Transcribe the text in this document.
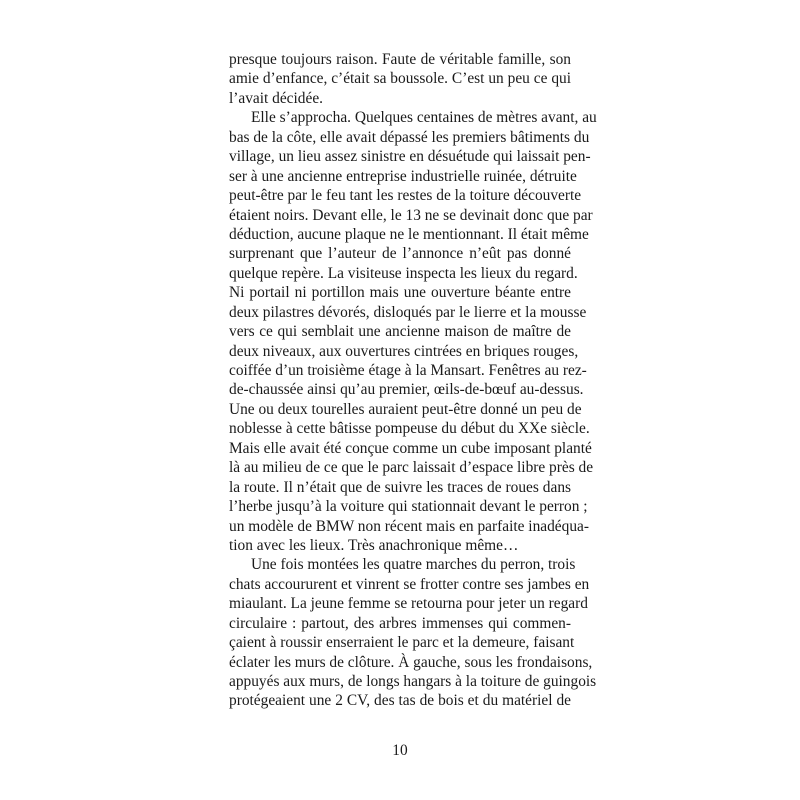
presque toujours raison. Faute de véritable famille, son
amie d’enfance, c’était sa boussole. C’est un peu ce qui
l’avait décidée.
Elle s’approcha. Quelques centaines de mètres avant, au
bas de la côte, elle avait dépassé les premiers bâtiments du
village, un lieu assez sinistre en désuétude qui laissait pen-
ser à une ancienne entreprise industrielle ruinée, détruite
peut-être par le feu tant les restes de la toiture découverte
étaient noirs. Devant elle, le 13 ne se devinait donc que par
déduction, aucune plaque ne le mentionnant. Il était même
surprenant que l’auteur de l’annonce n’eût pas donné
quelque repère. La visiteuse inspecta les lieux du regard.
Ni portail ni portillon mais une ouverture béante entre
deux pilastres dévorés, disloqués par le lierre et la mousse
vers ce qui semblait une ancienne maison de maître de
deux niveaux, aux ouvertures cintrées en briques rouges,
coiffée d’un troisième étage à la Mansart. Fenêtres au rez-
de-chaussée ainsi qu’au premier, œils-de-bœuf au-dessus.
Une ou deux tourelles auraient peut-être donné un peu de
noblesse à cette bâtisse pompeuse du début du XXe siècle.
Mais elle avait été conçue comme un cube imposant planté
là au milieu de ce que le parc laissait d’espace libre près de
la route. Il n’était que de suivre les traces de roues dans
l’herbe jusqu’à la voiture qui stationnait devant le perron ;
un modèle de BMW non récent mais en parfaite inadéqua-
tion avec les lieux. Très anachronique même…
Une fois montées les quatre marches du perron, trois
chats accoururent et vinrent se frotter contre ses jambes en
miaulant. La jeune femme se retourna pour jeter un regard
circulaire : partout, des arbres immenses qui commen-
çaient à roussir enserraient le parc et la demeure, faisant
éclater les murs de clôture. À gauche, sous les frondaisons,
appuyés aux murs, de longs hangars à la toiture de guingois
protégeaient une 2 CV, des tas de bois et du matériel de
10
